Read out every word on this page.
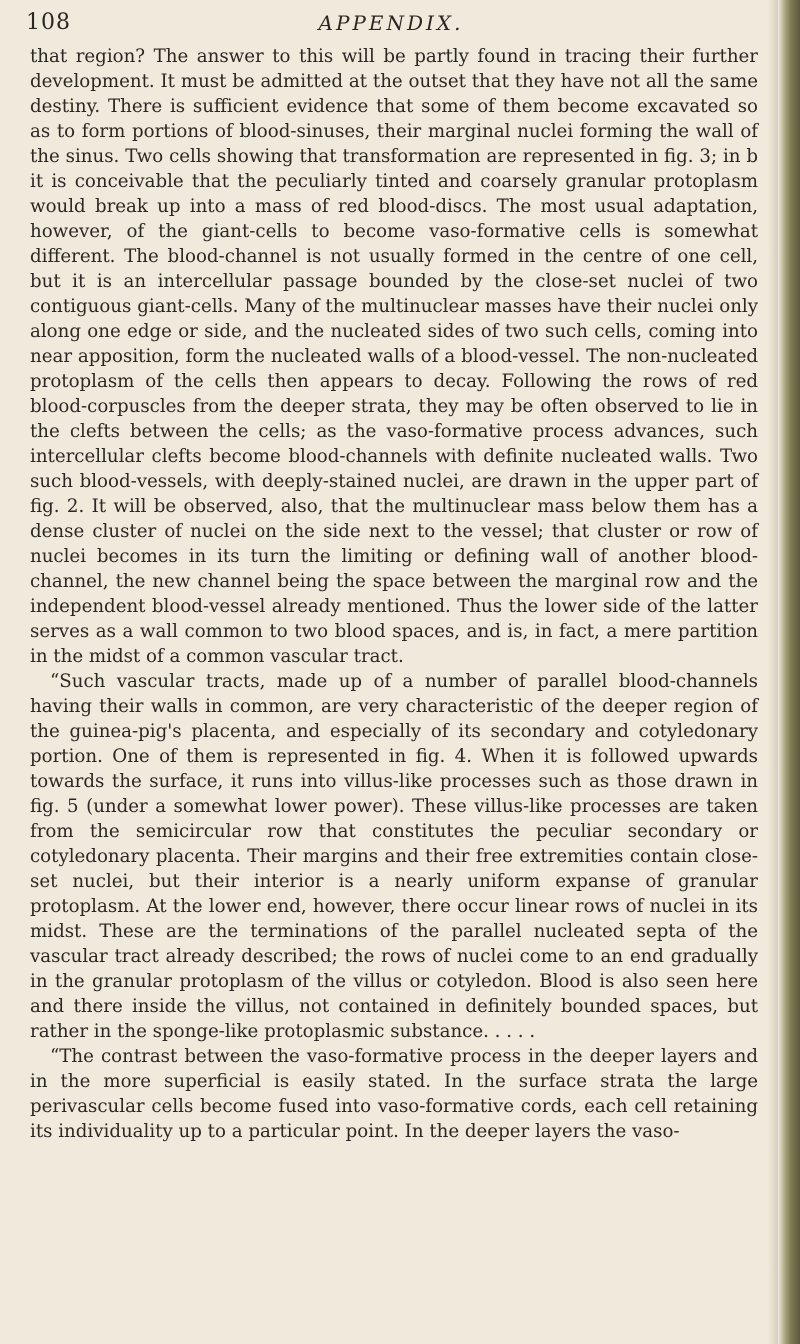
108	APPENDIX.

that region? The answer to this will be partly found in tracing their further development. It must be admitted at the outset that they have not all the same destiny. There is sufficient evidence that some of them become excavated so as to form portions of blood-sinuses, their marginal nuclei forming the wall of the sinus. Two cells showing that transformation are represented in fig. 3; in b it is conceivable that the peculiarly tinted and coarsely granular protoplasm would break up into a mass of red blood-discs. The most usual adaptation, however, of the giant-cells to become vaso-formative cells is somewhat different. The blood-channel is not usually formed in the centre of one cell, but it is an intercellular passage bounded by the close-set nuclei of two contiguous giant-cells. Many of the multinuclear masses have their nuclei only along one edge or side, and the nucleated sides of two such cells, coming into near apposition, form the nucleated walls of a blood-vessel. The non-nucleated protoplasm of the cells then appears to decay. Following the rows of red blood-corpuscles from the deeper strata, they may be often observed to lie in the clefts between the cells; as the vaso-formative process advances, such intercellular clefts become blood-channels with definite nucleated walls. Two such blood-vessels, with deeply-stained nuclei, are drawn in the upper part of fig. 2. It will be observed, also, that the multinuclear mass below them has a dense cluster of nuclei on the side next to the vessel; that cluster or row of nuclei becomes in its turn the limiting or defining wall of another blood-channel, the new channel being the space between the marginal row and the independent blood-vessel already mentioned. Thus the lower side of the latter serves as a wall common to two blood spaces, and is, in fact, a mere partition in the midst of a common vascular tract.

“Such vascular tracts, made up of a number of parallel blood-channels having their walls in common, are very characteristic of the deeper region of the guinea-pig's placenta, and especially of its secondary and cotyledonary portion. One of them is represented in fig. 4. When it is followed upwards towards the surface, it runs into villus-like processes such as those drawn in fig. 5 (under a somewhat lower power). These villus-like processes are taken from the semicircular row that constitutes the peculiar secondary or cotyledonary placenta. Their margins and their free extremities contain close-set nuclei, but their interior is a nearly uniform expanse of granular protoplasm. At the lower end, however, there occur linear rows of nuclei in its midst. These are the terminations of the parallel nucleated septa of the vascular tract already described; the rows of nuclei come to an end gradually in the granular protoplasm of the villus or cotyledon. Blood is also seen here and there inside the villus, not contained in definitely bounded spaces, but rather in the sponge-like protoplasmic substance. . . . .

“The contrast between the vaso-formative process in the deeper layers and in the more superficial is easily stated. In the surface strata the large perivascular cells become fused into vaso-formative cords, each cell retaining its individuality up to a particular point. In the deeper layers the vaso-
